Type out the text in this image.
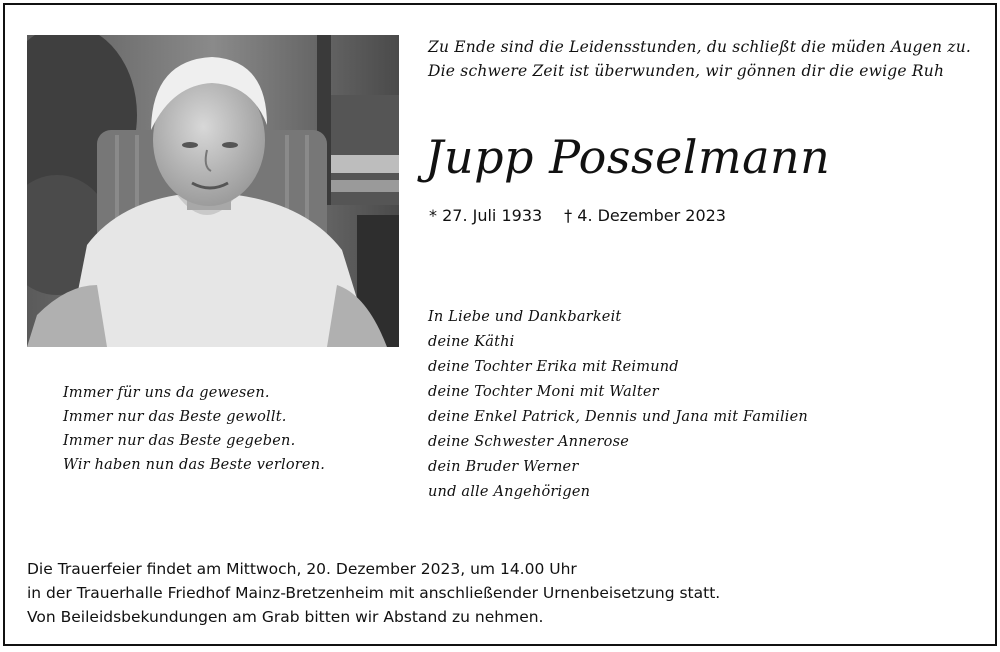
Zu Ende sind die Leidensstunden, du schließt die müden Augen zu.
Die schwere Zeit ist überwunden, wir gönnen dir die ewige Ruh
Jupp Posselmann
* 27. Juli 1933 † 4. Dezember 2023
Immer für uns da gewesen.
Immer nur das Beste gewollt.
Immer nur das Beste gegeben.
Wir haben nun das Beste verloren.
In Liebe und Dankbarkeit
deine Käthi
deine Tochter Erika mit Reimund
deine Tochter Moni mit Walter
deine Enkel Patrick, Dennis und Jana mit Familien
deine Schwester Annerose
dein Bruder Werner
und alle Angehörigen
Die Trauerfeier findet am Mittwoch, 20. Dezember 2023, um 14.00 Uhr
in der Trauerhalle Friedhof Mainz-Bretzenheim mit anschließender Urnenbeisetzung statt.
Von Beileidsbekundungen am Grab bitten wir Abstand zu nehmen.
